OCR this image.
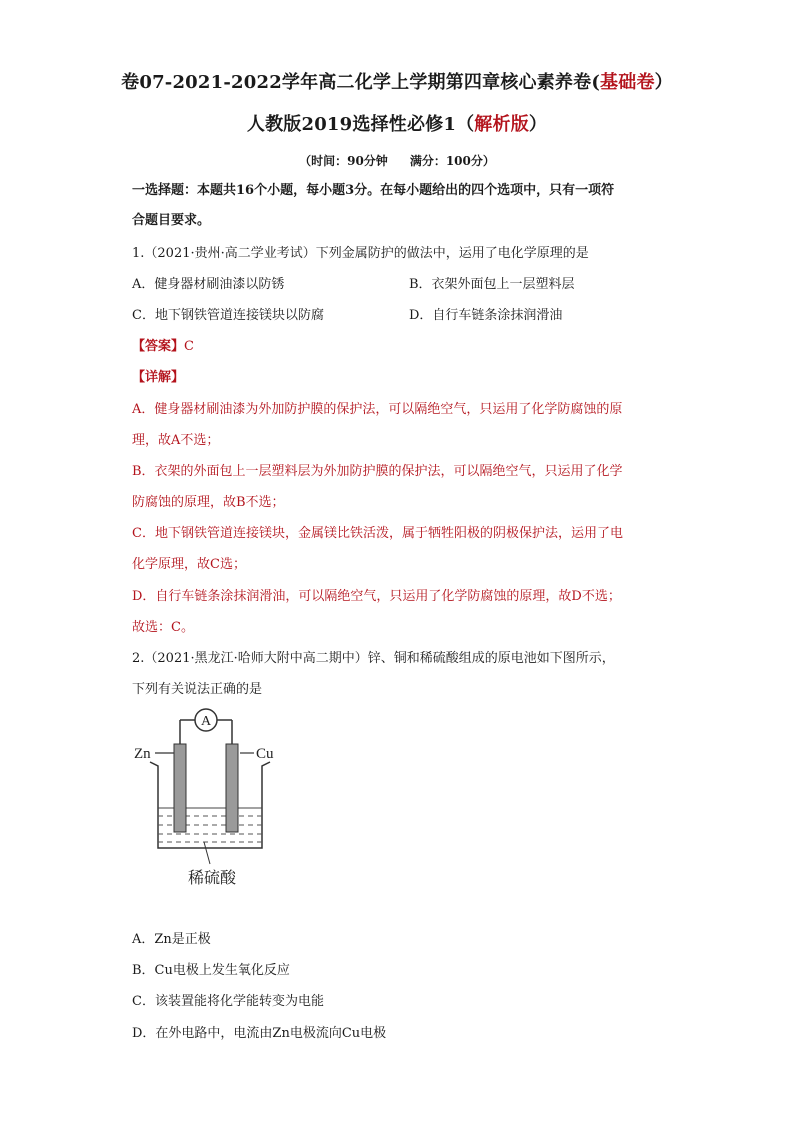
卷07-2021-2022学年高二化学上学期第四章核心素养卷(基础卷）
人教版2019选择性必修1（解析版）
（时间：90分钟 满分：100分）
一选择题：本题共16个小题，每小题3分。在每小题给出的四个选项中，只有一项符
合题目要求。
1.（2021·贵州·高二学业考试）下列金属防护的做法中，运用了电化学原理的是
A．健身器材刷油漆以防锈	B．衣架外面包上一层塑料层
C．地下钢铁管道连接镁块以防腐	D．自行车链条涂抹润滑油
【答案】C
【详解】
A．健身器材刷油漆为外加防护膜的保护法，可以隔绝空气，只运用了化学防腐蚀的原
理，故A不选；
B．衣架的外面包上一层塑料层为外加防护膜的保护法，可以隔绝空气，只运用了化学
防腐蚀的原理，故B不选；
C．地下钢铁管道连接镁块，金属镁比铁活泼，属于牺牲阳极的阴极保护法，运用了电
化学原理，故C选；
D．自行车链条涂抹润滑油，可以隔绝空气，只运用了化学防腐蚀的原理，故D不选；
故选：C。
2.（2021·黑龙江·哈师大附中高二期中）锌、铜和稀硫酸组成的原电池如下图所示，
下列有关说法正确的是
A
Zn	Cu
稀硫酸
A．Zn是正极
B．Cu电极上发生氧化反应
C．该装置能将化学能转变为电能
D．在外电路中，电流由Zn电极流向Cu电极
